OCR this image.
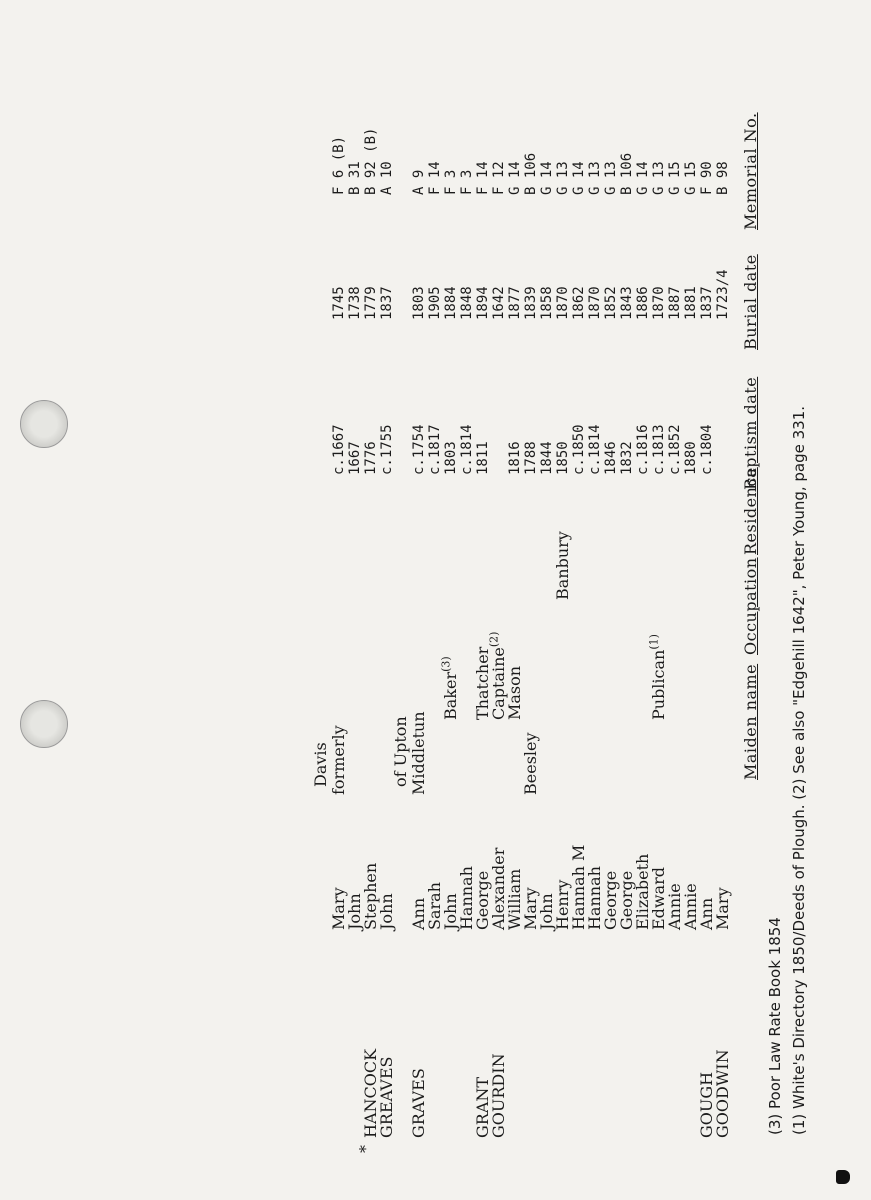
Maiden name
Occupation
Residence
Baptism date
Burial date
Memorial No.
GOODWIN
Mary
1723/4
B 98
GOUGH
Ann
c.1804
1837
F 90
Annie
1880
1881
G 15
Annie
c.1852
1887
G 15
Edward
Publican$^{(1)}$
c.1813
1870
G 13
Elizabeth
c.1816
1886
G 14
George
1832
1843
B 106
George
1846
1852
G 13
Hannah
c.1814
1870
G 13
Hannah M
c.1850
1862
G 14
Henry
Banbury
1850
1870
G 13
John
1844
1858
G 14
Mary
Beesley
1788
1839
B 106
William
Mason
1816
1877
G 14
GOURDIN
Alexander
Captaine$^{(2)}$
1642
F 12
GRANT
George
Thatcher
1811
1894
F 14
Hannah
c.1814
1848
F 3
John
Baker$^{(3)}$
1803
1884
F 3
Sarah
c.1817
1905
F 14
GRAVES
Ann
Middletun
of Upton
c.1754
1803
A 9
GREAVES
John
c.1755
1837
A 10
HANCOCK
Stephen
1776
1779
B 92 (B)
John
1667
1738
B 31
Mary
formerly
Davis
c.1667
1745
F 6 (B)
*
(1) White's Directory 1850/Deeds of Plough. (2) See also "Edgehill 1642", Peter Young, page 331.
(3) Poor Law Rate Book 1854
